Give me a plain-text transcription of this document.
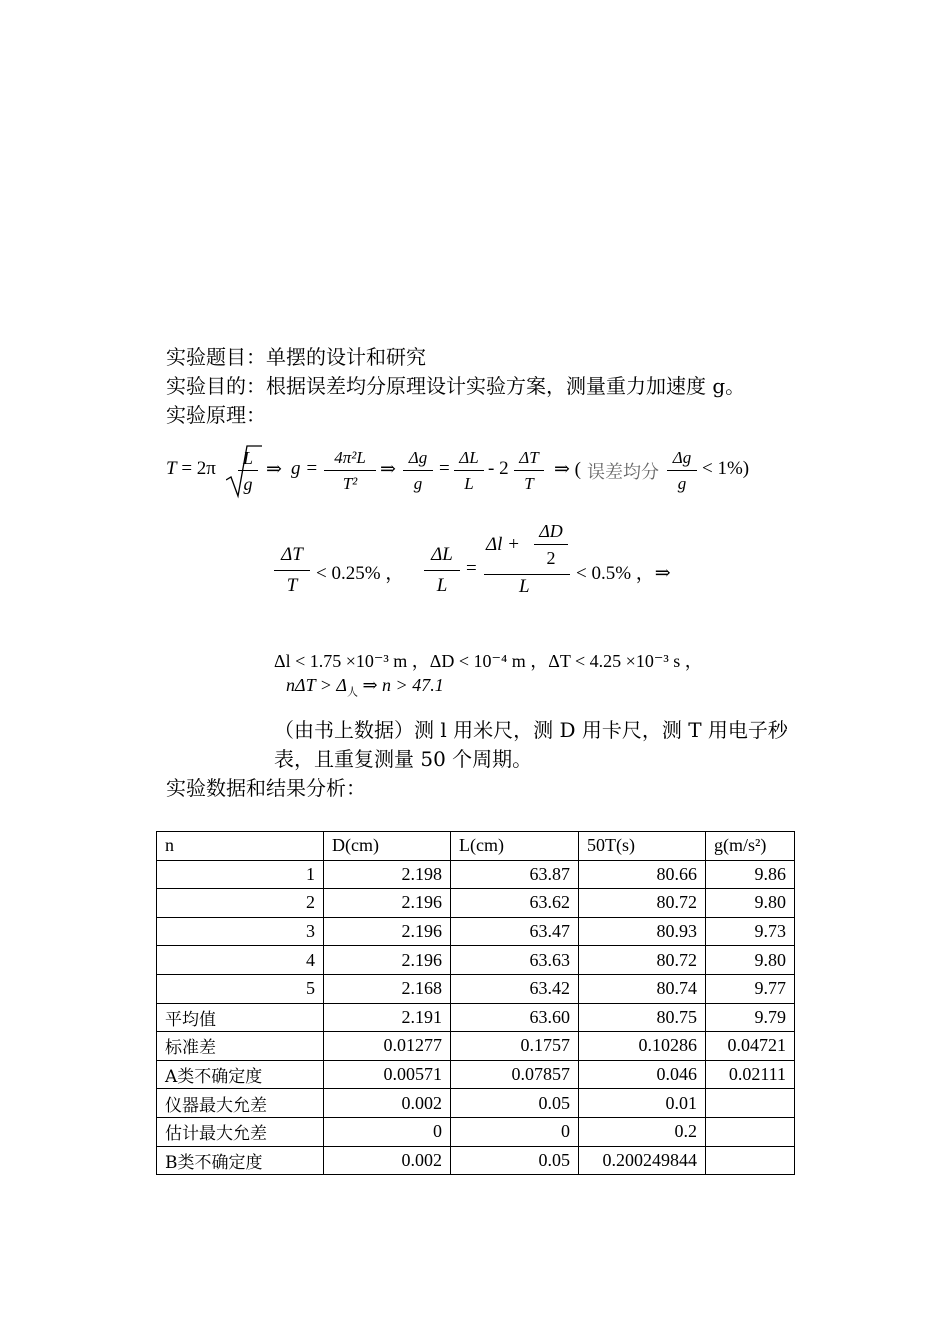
实验题目：单摆的设计和研究
实验目的：根据误差均分原理设计实验方案，测量重力加速度 g。
实验原理：
$T = 2\pi \frac{L}{g}$ ⇒ $g = \frac{\text{4π²L}}{\text{T²}}$ ⇒ $\frac{\Delta g}{g} = \frac{\Delta L}{L} - 2 \frac{\Delta T}{T}$ ⇒ ( 误差均分 $\frac{\Delta g}{g} < 1\%$)
$\frac{\Delta T}{T} < 0.25\%$ ， $\frac{\Delta L}{L}$ =
$\Delta l + \frac{\Delta D}{2}$
L
< 0.5% ，⇒
Δl < 1.75 ×10⁻³ m ，ΔD < 10⁻⁴ m ，ΔT < 4.25 ×10⁻³ s ，
$n\Delta T > \Delta_人$ ⇒ n > 47.1
（由书上数据）测 l 用米尺，测 D 用卡尺，测 T 用电子秒
表，且重复测量 50 个周期。
实验数据和结果分析：
n	D(cm)	L(cm)	50T(s)	g(m/s²)
1	2.198	63.87	80.66	9.86
2	2.196	63.62	80.72	9.80
3	2.196	63.47	80.93	9.73
4	2.196	63.63	80.72	9.80
5	2.168	63.42	80.74	9.77
平均值	2.191	63.60	80.75	9.79
标准差	0.01277	0.1757	0.10286	0.04721
A类不确定度	0.00571	0.07857	0.046	0.02111
仪器最大允差	0.002	0.05	0.01	
估计最大允差	0	0	0.2	
B类不确定度	0.002	0.05	0.200249844	
